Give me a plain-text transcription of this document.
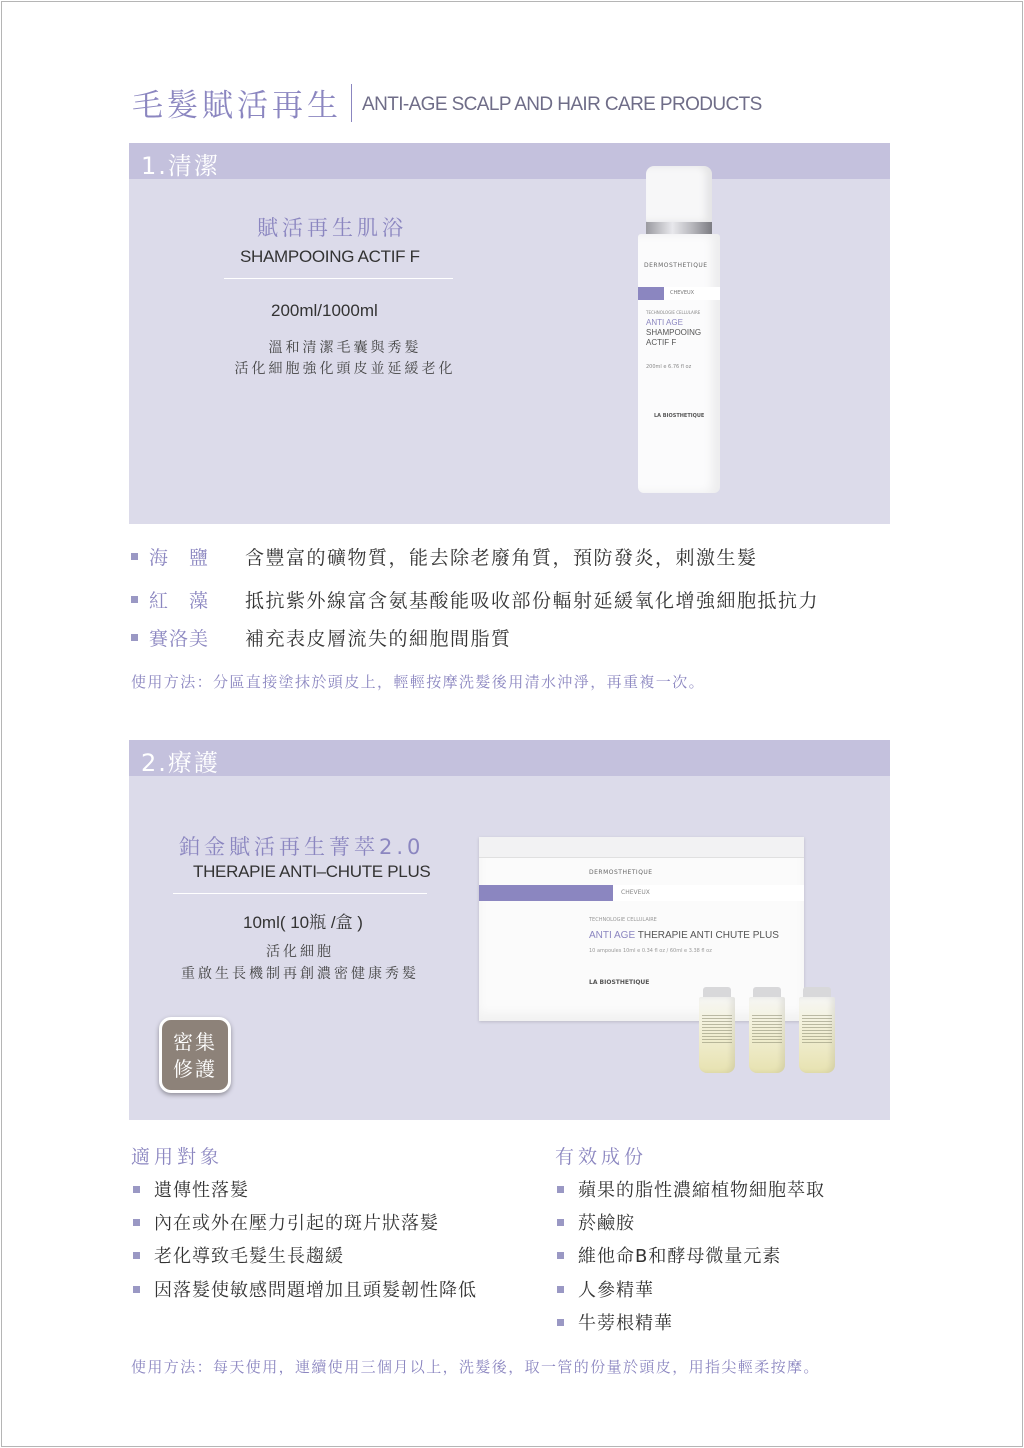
毛髮賦活再生 ANTI-AGE SCALP AND HAIR CARE PRODUCTS
1.清潔
賦活再生肌浴
SHAMPOOING ACTIF F
200ml/1000ml
溫和清潔毛囊與秀髮
活化細胞強化頭皮並延緩老化
DERMOSTHETIQUE
CHEVEUX
TECHNOLOGIE CELLULAIRE
ANTI AGE
SHAMPOOING
ACTIF F
200ml e 6.76 fl oz
LA BIOSTHETIQUE
海　鹽 含豐富的礦物質，能去除老廢角質，預防發炎，刺激生髮
紅　藻 抵抗紫外線富含氨基酸能吸收部份輻射延緩氧化增強細胞抵抗力
賽洛美 補充表皮層流失的細胞間脂質
使用方法：分區直接塗抹於頭皮上，輕輕按摩洗髮後用清水沖淨，再重複一次。
2.療護
鉑金賦活再生菁萃2.0
THERAPIE ANTI–CHUTE PLUS
10ml( 10瓶 /盒 )
活化細胞
重啟生長機制再創濃密健康秀髮
DERMOSTHETIQUE
CHEVEUX
TECHNOLOGIE CELLULAIRE
ANTI AGE THERAPIE ANTI CHUTE PLUS
10 ampoules 10ml e 0.34 fl oz / 60ml e 3.38 fl oz
LA BIOSTHETIQUE
密集
修護
適用對象
遺傳性落髮
內在或外在壓力引起的斑片狀落髮
老化導致毛髮生長趨緩
因落髮使敏感問題增加且頭髮韌性降低
有效成份
蘋果的脂性濃縮植物細胞萃取
菸鹼胺
維他命B和酵母微量元素
人參精華
牛蒡根精華
使用方法：每天使用，連續使用三個月以上，洗髮後，取一管的份量於頭皮，用指尖輕柔按摩。
